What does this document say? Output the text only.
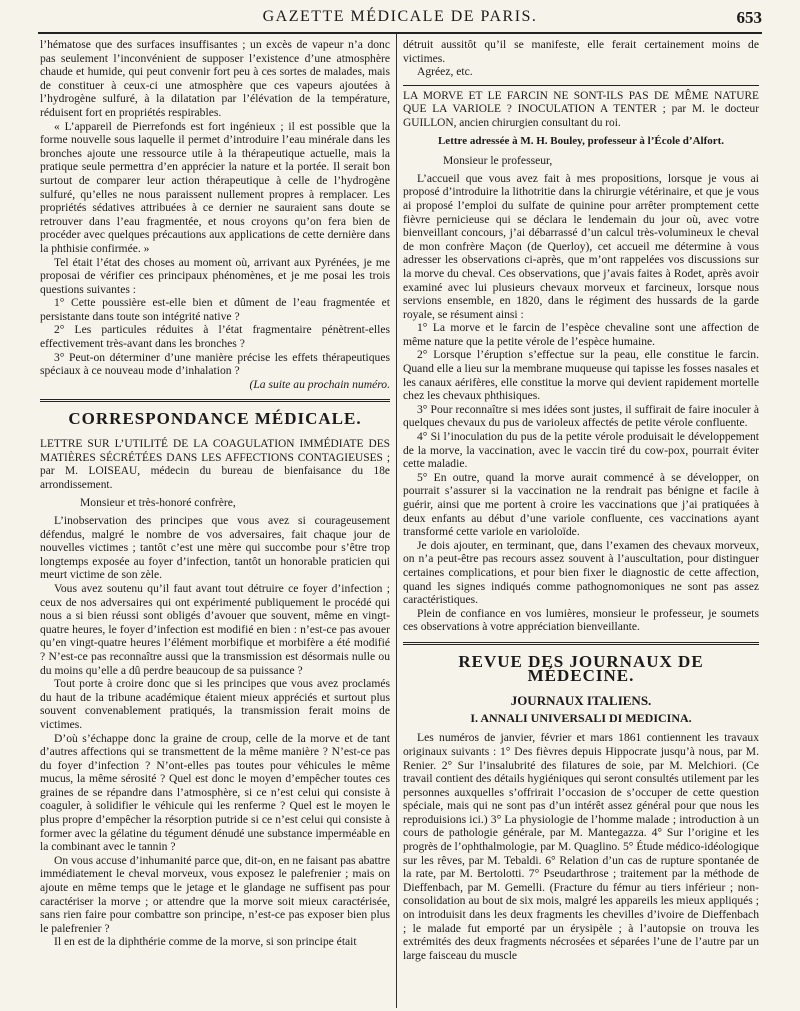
GAZETTE MÉDICALE DE PARIS.	653

l’hématose que des surfaces insuffisantes ; un excès de vapeur n’a donc pas seulement l’inconvénient de supposer l’existence d’une atmosphère chaude et humide, qui peut convenir fort peu à ces sortes de malades, mais de constituer à ceux-ci une atmosphère que ces vapeurs ajoutées à l’hydrogène sulfuré, à la dilatation par l’élévation de la température, réduisent fort en propriétés respirables.

« L’appareil de Pierrefonds est fort ingénieux ; il est possible que la forme nouvelle sous laquelle il permet d’introduire l’eau minérale dans les bronches ajoute une ressource utile à la thérapeutique actuelle, mais la pratique seule permettra d’en apprécier la nature et la portée. Il serait bon surtout de comparer leur action thérapeutique à celle de l’hydrogène sulfuré, qu’elles ne nous paraissent nullement propres à remplacer. Les propriétés sédatives attribuées à ce dernier ne sauraient sans doute se retrouver dans l’eau fragmentée, et nous croyons qu’on fera bien de procéder avec quelques précautions aux applications de cette dernière dans la phthisie confirmée. »

Tel était l’état des choses au moment où, arrivant aux Pyrénées, je me proposai de vérifier ces principaux phénomènes, et je me posai les trois questions suivantes :

1° Cette poussière est-elle bien et dûment de l’eau fragmentée et persistante dans toute son intégrité native ?

2° Les particules réduites à l’état fragmentaire pénètrent-elles effectivement très-avant dans les bronches ?

3° Peut-on déterminer d’une manière précise les effets thérapeutiques spéciaux à ce nouveau mode d’inhalation ?

(La suite au prochain numéro.

CORRESPONDANCE MÉDICALE.

LETTRE SUR L’UTILITÉ DE LA COAGULATION IMMÉDIATE DES MATIÈRES SÉCRÉTÉES DANS LES AFFECTIONS CONTAGIEUSES ; par M. LOISEAU, médecin du bureau de bienfaisance du 18e arrondissement.

Monsieur et très-honoré confrère,

L’inobservation des principes que vous avez si courageusement défendus, malgré le nombre de vos adversaires, fait chaque jour de nouvelles victimes ; tantôt c’est une mère qui succombe pour s’être trop longtemps exposée au foyer d’infection, tantôt un honorable praticien qui meurt victime de son zèle.

Vous avez soutenu qu’il faut avant tout détruire ce foyer d’infection ; ceux de nos adversaires qui ont expérimenté publiquement le procédé qui nous a si bien réussi sont obligés d’avouer que souvent, même en vingt-quatre heures, le foyer d’infection est modifié en bien : n’est-ce pas avouer qu’en vingt-quatre heures l’élément morbifique et morbifère a été modifié ? N’est-ce pas reconnaître aussi que la transmission est désormais nulle ou du moins qu’elle a dû perdre beaucoup de sa puissance ?

Tout porte à croire donc que si les principes que vous avez proclamés du haut de la tribune académique étaient mieux appréciés et surtout plus souvent convenablement pratiqués, la transmission ferait moins de victimes.

D’où s’échappe donc la graine de croup, celle de la morve et de tant d’autres affections qui se transmettent de la même manière ? N’est-ce pas du foyer d’infection ? N’ont-elles pas toutes pour véhicules le même mucus, la même sérosité ? Quel est donc le moyen d’empêcher toutes ces graines de se répandre dans l’atmosphère, si ce n’est celui qui consiste à coaguler, à solidifier le véhicule qui les renferme ? Quel est le moyen le plus propre d’empêcher la résorption putride si ce n’est celui qui consiste à former avec la gélatine du tégument dénudé une substance imperméable en la combinant avec le tannin ?

On vous accuse d’inhumanité parce que, dit-on, en ne faisant pas abattre immédiatement le cheval morveux, vous exposez le palefrenier ; mais on ajoute en même temps que le jetage et le glandage ne suffisent pas pour caractériser la morve ; or attendre que la morve soit mieux caractérisée, sans rien faire pour combattre son principe, n’est-ce pas exposer bien plus le palefrenier ?

Il en est de la diphthérie comme de la morve, si son principe était

détruit aussitôt qu’il se manifeste, elle ferait certainement moins de victimes.

Agréez, etc.

LA MORVE ET LE FARCIN NE SONT-ILS PAS DE MÊME NATURE QUE LA VARIOLE ? INOCULATION A TENTER ; par M. le docteur GUILLON, ancien chirurgien consultant du roi.

Lettre adressée à M. H. Bouley, professeur à l’École d’Alfort.

Monsieur le professeur,

L’accueil que vous avez fait à mes propositions, lorsque je vous ai proposé d’introduire la lithotritie dans la chirurgie vétérinaire, et que je vous ai proposé l’emploi du sulfate de quinine pour arrêter promptement cette fièvre pernicieuse qui se déclara le lendemain du jour où, avec votre bienveillant concours, j’ai débarrassé d’un calcul très-volumineux le cheval de mon confrère Maçon (de Querloy), cet accueil me détermine à vous adresser les observations ci-après, que m’ont rappelées vos discussions sur la morve du cheval. Ces observations, que j’avais faites à Rodet, après avoir examiné avec lui plusieurs chevaux morveux et farcineux, lorsque nous servions ensemble, en 1820, dans le régiment des hussards de la garde royale, se résument ainsi :

1° La morve et le farcin de l’espèce chevaline sont une affection de même nature que la petite vérole de l’espèce humaine.

2° Lorsque l’éruption s’effectue sur la peau, elle constitue le farcin. Quand elle a lieu sur la membrane muqueuse qui tapisse les fosses nasales et les canaux aérifères, elle constitue la morve qui devient rapidement mortelle chez les chevaux phthisiques.

3° Pour reconnaître si mes idées sont justes, il suffirait de faire inoculer à quelques chevaux du pus de varioleux affectés de petite vérole confluente.

4° Si l’inoculation du pus de la petite vérole produisait le développement de la morve, la vaccination, avec le vaccin tiré du cow-pox, pourrait éviter cette maladie.

5° En outre, quand la morve aurait commencé à se développer, on pourrait s’assurer si la vaccination ne la rendrait pas bénigne et facile à guérir, ainsi que me portent à croire les vaccinations que j’ai pratiquées à deux enfants au début d’une variole confluente, ces vaccinations ayant transformé cette variole en varioloïde.

Je dois ajouter, en terminant, que, dans l’examen des chevaux morveux, on n’a peut-être pas recours assez souvent à l’auscultation, pour distinguer certaines complications, et pour bien fixer le diagnostic de cette affection, quand les signes indiqués comme pathognomoniques ne sont pas assez caractéristiques.

Plein de confiance en vos lumières, monsieur le professeur, je soumets ces observations à votre appréciation bienveillante.

REVUE DES JOURNAUX DE MÉDECINE.
JOURNAUX ITALIENS.
I. ANNALI UNIVERSALI DI MEDICINA.

Les numéros de janvier, février et mars 1861 contiennent les travaux originaux suivants : 1° Des fièvres depuis Hippocrate jusqu’à nous, par M. Renier. 2° Sur l’insalubrité des filatures de soie, par M. Melchiori. (Ce travail contient des détails hygiéniques qui seront consultés utilement par les personnes auxquelles s’offrirait l’occasion de s’occuper de cette question spéciale, mais qui ne sont pas d’un intérêt assez général pour que nous les reproduisions ici.) 3° La physiologie de l’homme malade ; introduction à un cours de pathologie générale, par M. Mantegazza. 4° Sur l’origine et les progrès de l’ophthalmologie, par M. Quaglino. 5° Étude médico-idéologique sur les rêves, par M. Tebaldi. 6° Relation d’un cas de rupture spontanée de la rate, par M. Bertolotti. 7° Pseudarthrose ; traitement par la méthode de Dieffenbach, par M. Gemelli. (Fracture du fémur au tiers inférieur ; non-consolidation au bout de six mois, malgré les appareils les mieux appliqués ; on introduisit dans les deux fragments les chevilles d’ivoire de Dieffenbach ; le malade fut emporté par un érysipèle ; à l’autopsie on trouva les extrémités des deux fragments nécrosées et séparées l’une de l’autre par un large faisceau du muscle
